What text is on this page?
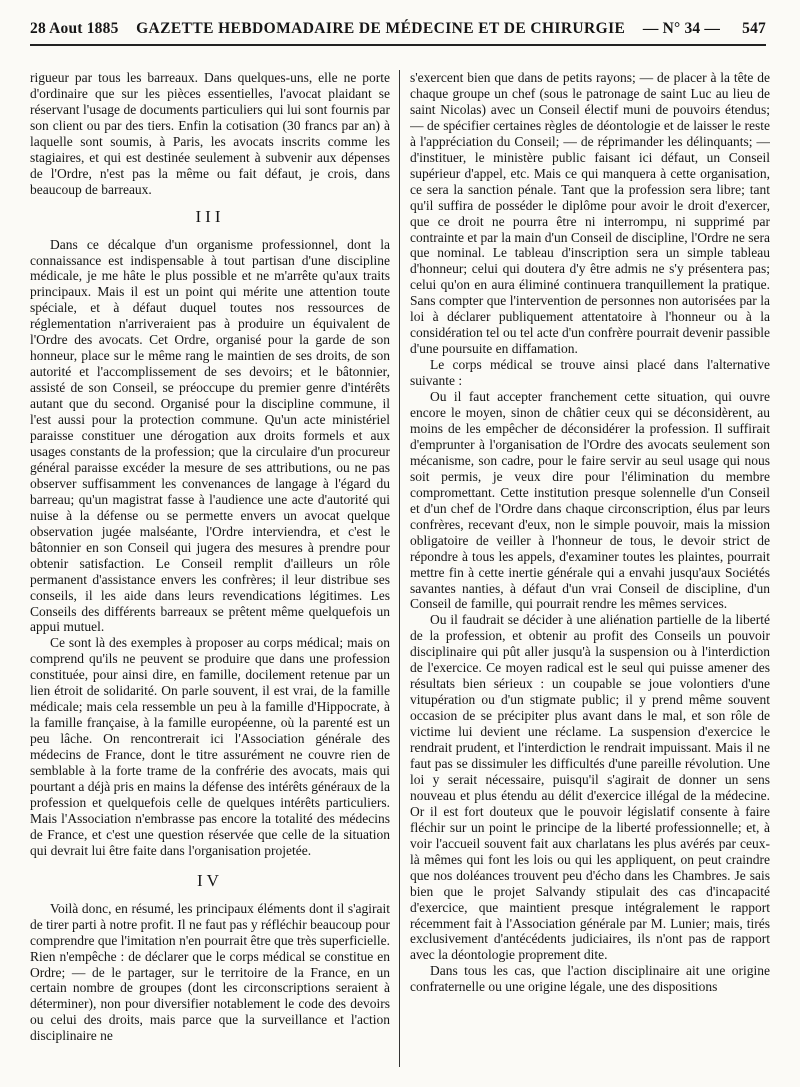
28 Aout 1885	GAZETTE HEBDOMADAIRE DE MÉDECINE ET DE CHIRURGIE	— N° 34 — 547

rigueur par tous les barreaux. Dans quelques-uns, elle ne porte d'ordinaire que sur les pièces essentielles, l'avocat plaidant se réservant l'usage de documents particuliers qui lui sont fournis par son client ou par des tiers. Enfin la cotisation (30 francs par an) à laquelle sont soumis, à Paris, les avocats inscrits comme les stagiaires, et qui est destinée seulement à subvenir aux dépenses de l'Ordre, n'est pas la même ou fait défaut, je crois, dans beaucoup de barreaux.

III

Dans ce décalque d'un organisme professionnel, dont la connaissance est indispensable à tout partisan d'une discipline médicale, je me hâte le plus possible et ne m'arrête qu'aux traits principaux. Mais il est un point qui mérite une attention toute spéciale, et à défaut duquel toutes nos ressources de réglementation n'arriveraient pas à produire un équivalent de l'Ordre des avocats. Cet Ordre, organisé pour la garde de son honneur, place sur le même rang le maintien de ses droits, de son autorité et l'accomplissement de ses devoirs; et le bâtonnier, assisté de son Conseil, se préoccupe du premier genre d'intérêts autant que du second. Organisé pour la discipline commune, il l'est aussi pour la protection commune. Qu'un acte ministériel paraisse constituer une dérogation aux droits formels et aux usages constants de la profession; que la circulaire d'un procureur général paraisse excéder la mesure de ses attributions, ou ne pas observer suffisamment les convenances de langage à l'égard du barreau; qu'un magistrat fasse à l'audience une acte d'autorité qui nuise à la défense ou se permette envers un avocat quelque observation jugée malséante, l'Ordre interviendra, et c'est le bâtonnier en son Conseil qui jugera des mesures à prendre pour obtenir satisfaction. Le Conseil remplit d'ailleurs un rôle permanent d'assistance envers les confrères; il leur distribue ses conseils, il les aide dans leurs revendications légitimes. Les Conseils des différents barreaux se prêtent même quelquefois un appui mutuel.

Ce sont là des exemples à proposer au corps médical; mais on comprend qu'ils ne peuvent se produire que dans une profession constituée, pour ainsi dire, en famille, docilement retenue par un lien étroit de solidarité. On parle souvent, il est vrai, de la famille médicale; mais cela ressemble un peu à la famille d'Hippocrate, à la famille française, à la famille européenne, où la parenté est un peu lâche. On rencontrerait ici l'Association générale des médecins de France, dont le titre assurément ne couvre rien de semblable à la forte trame de la confrérie des avocats, mais qui pourtant a déjà pris en mains la défense des intérêts généraux de la profession et quelquefois celle de quelques intérêts particuliers. Mais l'Association n'embrasse pas encore la totalité des médecins de France, et c'est une question réservée que celle de la situation qui devrait lui être faite dans l'organisation projetée.

IV

Voilà donc, en résumé, les principaux éléments dont il s'agirait de tirer parti à notre profit. Il ne faut pas y réfléchir beaucoup pour comprendre que l'imitation n'en pourrait être que très superficielle. Rien n'empêche : de déclarer que le corps médical se constitue en Ordre; — de le partager, sur le territoire de la France, en un certain nombre de groupes (dont les circonscriptions seraient à déterminer), non pour diversifier notablement le code des devoirs ou celui des droits, mais parce que la surveillance et l'action disciplinaire ne

s'exercent bien que dans de petits rayons; — de placer à la tête de chaque groupe un chef (sous le patronage de saint Luc au lieu de saint Nicolas) avec un Conseil électif muni de pouvoirs étendus; — de spécifier certaines règles de déontologie et de laisser le reste à l'appréciation du Conseil; — de réprimander les délinquants; — d'instituer, le ministère public faisant ici défaut, un Conseil supérieur d'appel, etc. Mais ce qui manquera à cette organisation, ce sera la sanction pénale. Tant que la profession sera libre; tant qu'il suffira de posséder le diplôme pour avoir le droit d'exercer, que ce droit ne pourra être ni interrompu, ni supprimé par contrainte et par la main d'un Conseil de discipline, l'Ordre ne sera que nominal. Le tableau d'inscription sera un simple tableau d'honneur; celui qui doutera d'y être admis ne s'y présentera pas; celui qu'on en aura éliminé continuera tranquillement la pratique. Sans compter que l'intervention de personnes non autorisées par la loi à déclarer publiquement attentatoire à l'honneur ou à la considération tel ou tel acte d'un confrère pourrait devenir passible d'une poursuite en diffamation.

Le corps médical se trouve ainsi placé dans l'alternative suivante :

Ou il faut accepter franchement cette situation, qui ouvre encore le moyen, sinon de châtier ceux qui se déconsidèrent, au moins de les empêcher de déconsidérer la profession. Il suffirait d'emprunter à l'organisation de l'Ordre des avocats seulement son mécanisme, son cadre, pour le faire servir au seul usage qui nous soit permis, je veux dire pour l'élimination du membre compromettant. Cette institution presque solennelle d'un Conseil et d'un chef de l'Ordre dans chaque circonscription, élus par leurs confrères, recevant d'eux, non le simple pouvoir, mais la mission obligatoire de veiller à l'honneur de tous, le devoir strict de répondre à tous les appels, d'examiner toutes les plaintes, pourrait mettre fin à cette inertie générale qui a envahi jusqu'aux Sociétés savantes nanties, à défaut d'un vrai Conseil de discipline, d'un Conseil de famille, qui pourrait rendre les mêmes services.

Ou il faudrait se décider à une aliénation partielle de la liberté de la profession, et obtenir au profit des Conseils un pouvoir disciplinaire qui pût aller jusqu'à la suspension ou à l'interdiction de l'exercice. Ce moyen radical est le seul qui puisse amener des résultats bien sérieux : un coupable se joue volontiers d'une vitupération ou d'un stigmate public; il y prend même souvent occasion de se précipiter plus avant dans le mal, et son rôle de victime lui devient une réclame. La suspension d'exercice le rendrait prudent, et l'interdiction le rendrait impuissant. Mais il ne faut pas se dissimuler les difficultés d'une pareille révolution. Une loi y serait nécessaire, puisqu'il s'agirait de donner un sens nouveau et plus étendu au délit d'exercice illégal de la médecine. Or il est fort douteux que le pouvoir législatif consente à faire fléchir sur un point le principe de la liberté professionnelle; et, à voir l'accueil souvent fait aux charlatans les plus avérés par ceux-là mêmes qui font les lois ou qui les appliquent, on peut craindre que nos doléances trouvent peu d'écho dans les Chambres. Je sais bien que le projet Salvandy stipulait des cas d'incapacité d'exercice, que maintient presque intégralement le rapport récemment fait à l'Association générale par M. Lunier; mais, tirés exclusivement d'antécédents judiciaires, ils n'ont pas de rapport avec la déontologie proprement dite.

Dans tous les cas, que l'action disciplinaire ait une origine confraternelle ou une origine légale, une des dispositions
